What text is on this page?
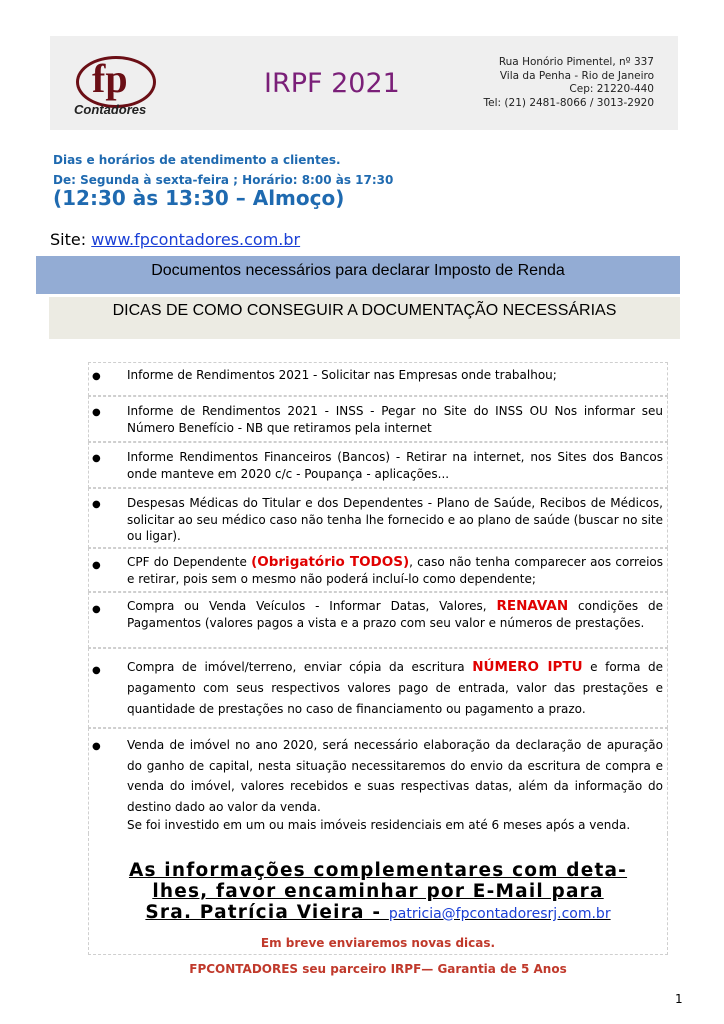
fp
Contadores
IRPF 2021
Rua Honório Pimentel, nº 337
Vila da Penha - Rio de Janeiro
Cep: 21220-440
Tel: (21) 2481-8066 / 3013-2920
Dias e horários de atendimento a clientes.
De: Segunda à sexta-feira ; Horário: 8:00 às 17:30
(12:30 às 13:30 – Almoço)
Site: www.fpcontadores.com.br
Documentos necessários para declarar Imposto de Renda
DICAS DE COMO CONSEGUIR A DOCUMENTAÇÃO NECESSÁRIAS
● Informe de Rendimentos 2021 - Solicitar nas Empresas onde trabalhou;
● Informe de Rendimentos 2021 - INSS - Pegar no Site do INSS OU Nos informar seu Número Benefício - NB que retiramos pela internet
● Informe Rendimentos Financeiros (Bancos) - Retirar na internet, nos Sites dos Bancos onde manteve em 2020 c/c - Poupança - aplicações...
● Despesas Médicas do Titular e dos Dependentes - Plano de Saúde, Recibos de Médicos, solicitar ao seu médico caso não tenha lhe fornecido e ao plano de saúde (buscar no site ou ligar).
● CPF do Dependente (Obrigatório TODOS), caso não tenha comparecer aos correios e retirar, pois sem o mesmo não poderá incluí-lo como dependente;
● Compra ou Venda Veículos - Informar Datas, Valores, RENAVAN condições de Pagamentos (valores pagos a vista e a prazo com seu valor e números de prestações.
● Compra de imóvel/terreno, enviar cópia da escritura NÚMERO IPTU e forma de pagamento com seus respectivos valores pago de entrada, valor das prestações e quantidade de prestações no caso de financiamento ou pagamento a prazo.
● Venda de imóvel no ano 2020, será necessário elaboração da declaração de apuração do ganho de capital, nesta situação necessitaremos do envio da escritura de compra e venda do imóvel, valores recebidos e suas respectivas datas, além da informação do destino dado ao valor da venda.
Se foi investido em um ou mais imóveis residenciais em até 6 meses após a venda.
As informações complementares com deta-
lhes, favor encaminhar por E-Mail para
Sra. Patrícia Vieira - patricia@fpcontadoresrj.com.br
Em breve enviaremos novas dicas.
FPCONTADORES seu parceiro IRPF— Garantia de 5 Anos
1
